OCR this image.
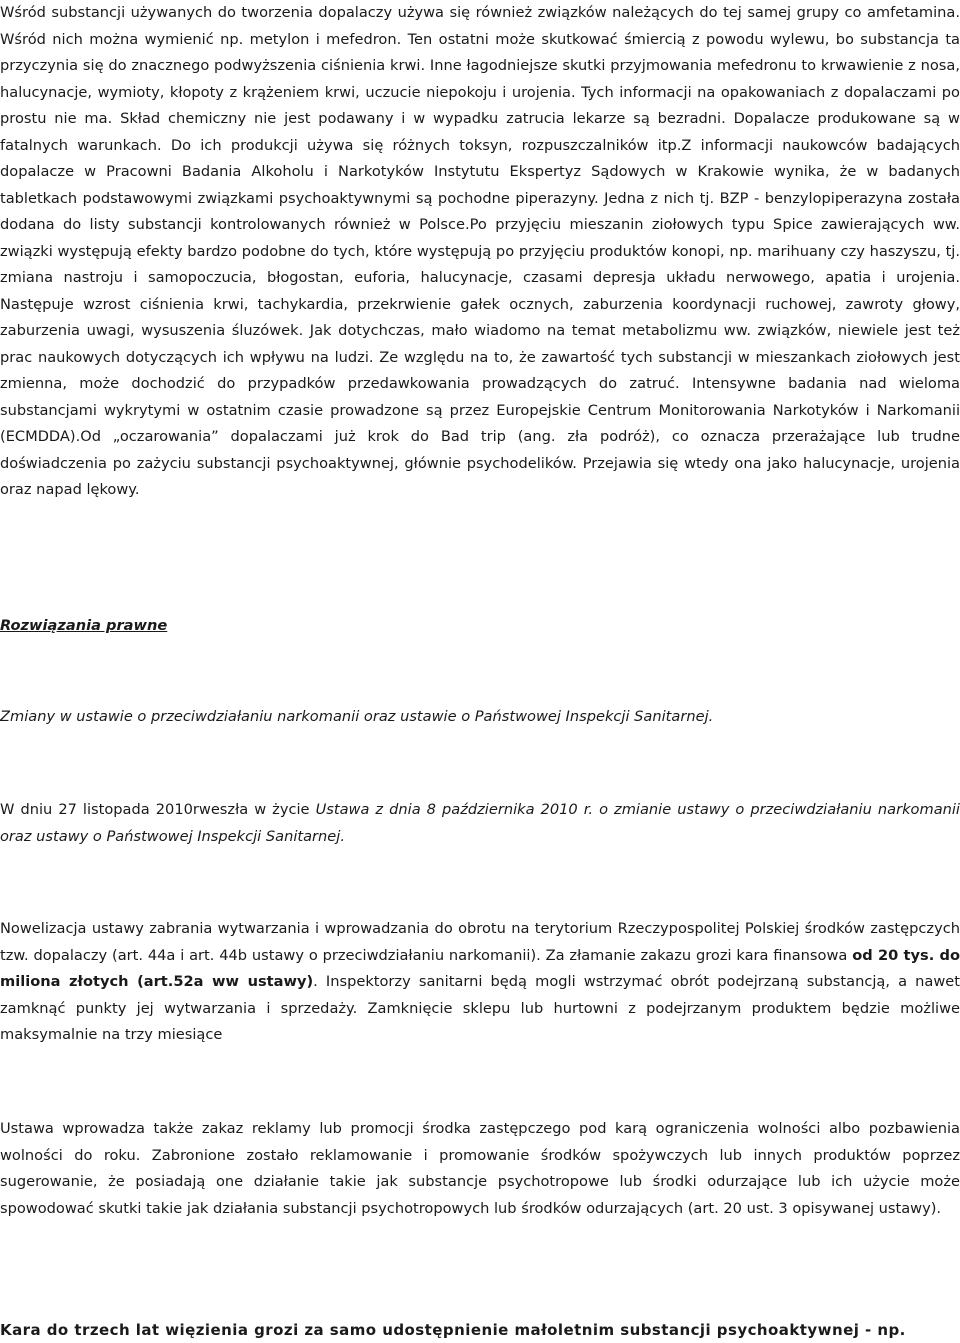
Wśród substancji używanych do tworzenia dopalaczy używa się również związków należących do tej samej grupy co amfetamina. Wśród nich można wymienić np. metylon i mefedron. Ten ostatni może skutkować śmiercią z powodu wylewu, bo substancja ta przyczynia się do znacznego podwyższenia ciśnienia krwi. Inne łagodniejsze skutki przyjmowania mefedronu to krwawienie z nosa, halucynacje, wymioty, kłopoty z krążeniem krwi, uczucie niepokoju i urojenia. Tych informacji na opakowaniach z dopalaczami po prostu nie ma. Skład chemiczny nie jest podawany i w wypadku zatrucia lekarze są bezradni. Dopalacze produkowane są w fatalnych warunkach. Do ich produkcji używa się różnych toksyn, rozpuszczalników itp.Z informacji naukowców badających dopalacze w Pracowni Badania Alkoholu i Narkotyków Instytutu Ekspertyz Sądowych w Krakowie wynika, że w badanych tabletkach podstawowymi związkami psychoaktywnymi są pochodne piperazyny. Jedna z nich tj. BZP - benzylopiperazyna została dodana do listy substancji kontrolowanych również w Polsce.Po przyjęciu mieszanin ziołowych typu Spice zawierających ww. związki występują efekty bardzo podobne do tych, które występują po przyjęciu produktów konopi, np. marihuany czy haszyszu, tj. zmiana nastroju i samopoczucia, błogostan, euforia, halucynacje, czasami depresja układu nerwowego, apatia i urojenia. Następuje wzrost ciśnienia krwi, tachykardia, przekrwienie gałek ocznych, zaburzenia koordynacji ruchowej, zawroty głowy, zaburzenia uwagi, wysuszenia śluzówek. Jak dotychczas, mało wiadomo na temat metabolizmu ww. związków, niewiele jest też prac naukowych dotyczących ich wpływu na ludzi. Ze względu na to, że zawartość tych substancji w mieszankach ziołowych jest zmienna, może dochodzić do przypadków przedawkowania prowadzących do zatruć. Intensywne badania nad wieloma substancjami wykrytymi w ostatnim czasie prowadzone są przez Europejskie Centrum Monitorowania Narkotyków i Narkomanii (ECMDDA).Od „oczarowania” dopalaczami już krok do Bad trip (ang. zła podróż), co oznacza przerażające lub trudne doświadczenia po zażyciu substancji psychoaktywnej, głównie psychodelików. Przejawia się wtedy ona jako halucynacje, urojenia oraz napad lękowy.

Rozwiązania prawne

Zmiany w ustawie o przeciwdziałaniu narkomanii oraz ustawie o Państwowej Inspekcji Sanitarnej.

W dniu 27 listopada 2010rweszła w życie Ustawa z dnia 8 października 2010 r. o zmianie ustawy o przeciwdziałaniu narkomanii oraz ustawy o Państwowej Inspekcji Sanitarnej.

Nowelizacja ustawy zabrania wytwarzania i wprowadzania do obrotu na terytorium Rzeczypospolitej Polskiej środków zastępczych tzw. dopalaczy (art. 44a i art. 44b ustawy o przeciwdziałaniu narkomanii). Za złamanie zakazu grozi kara finansowa od 20 tys. do miliona złotych (art.52a ww ustawy). Inspektorzy sanitarni będą mogli wstrzymać obrót podejrzaną substancją, a nawet zamknąć punkty jej wytwarzania i sprzedaży. Zamknięcie sklepu lub hurtowni z podejrzanym produktem będzie możliwe maksymalnie na trzy miesiące

Ustawa wprowadza także zakaz reklamy lub promocji środka zastępczego pod karą ograniczenia wolności albo pozbawienia wolności do roku. Zabronione zostało reklamowanie i promowanie środków spożywczych lub innych produktów poprzez sugerowanie, że posiadają one działanie takie jak substancje psychotropowe lub środki odurzające lub ich użycie może spowodować skutki takie jak działania substancji psychotropowych lub środków odurzających (art. 20 ust. 3 opisywanej ustawy).

Kara do trzech lat więzienia grozi za samo udostępnienie małoletnim substancji psychoaktywnej - np.
